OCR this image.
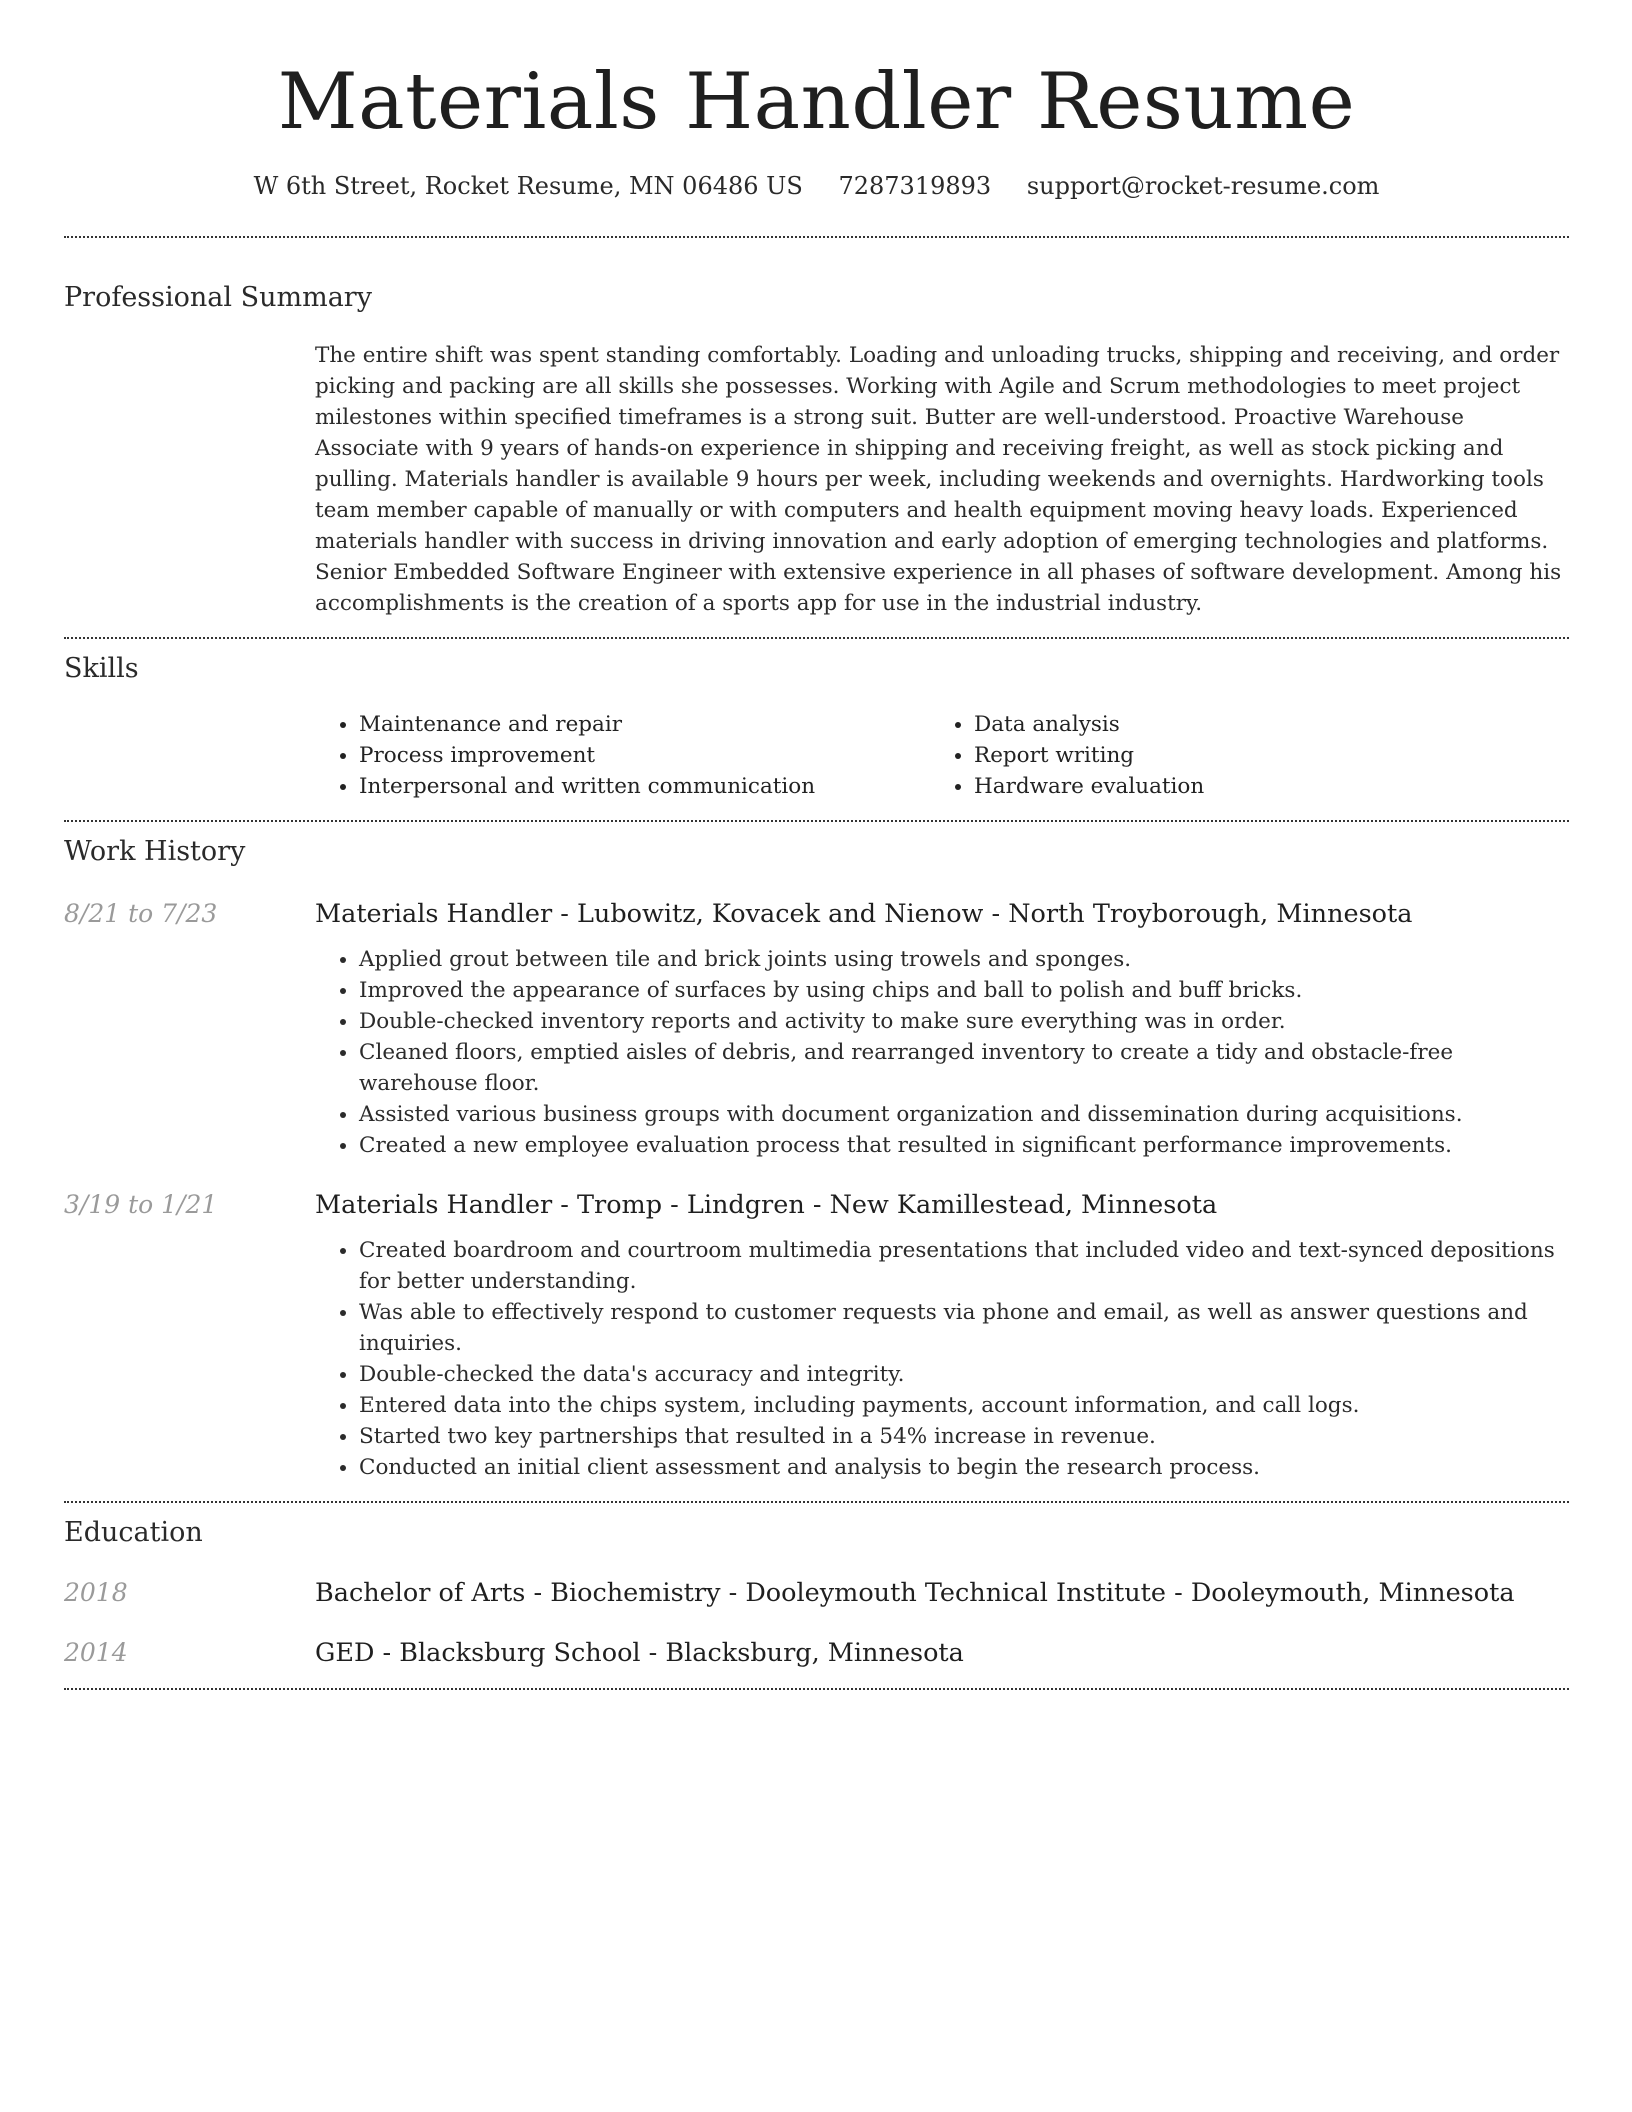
Materials Handler Resume
W 6th Street, Rocket Resume, MN 06486 US 7287319893 support@rocket-resume.com
Professional Summary

The entire shift was spent standing comfortably. Loading and unloading trucks, shipping and receiving, and order picking and packing are all skills she possesses. Working with Agile and Scrum methodologies to meet project milestones within specified timeframes is a strong suit. Butter are well-understood. Proactive Warehouse Associate with 9 years of hands-on experience in shipping and receiving freight, as well as stock picking and pulling. Materials handler is available 9 hours per week, including weekends and overnights. Hardworking tools team member capable of manually or with computers and health equipment moving heavy loads. Experienced materials handler with success in driving innovation and early adoption of emerging technologies and platforms. Senior Embedded Software Engineer with extensive experience in all phases of software development. Among his accomplishments is the creation of a sports app for use in the industrial industry.

Skills
• Maintenance and repair
• Process improvement
• Interpersonal and written communication
• Data analysis
• Report writing
• Hardware evaluation
Work History
8/21 to 7/23	Materials Handler - Lubowitz, Kovacek and Nienow - North Troyborough, Minnesota
• Applied grout between tile and brick joints using trowels and sponges.
• Improved the appearance of surfaces by using chips and ball to polish and buff bricks.
• Double-checked inventory reports and activity to make sure everything was in order.
• Cleaned floors, emptied aisles of debris, and rearranged inventory to create a tidy and obstacle-free warehouse floor.
• Assisted various business groups with document organization and dissemination during acquisitions.
• Created a new employee evaluation process that resulted in significant performance improvements.
3/19 to 1/21	Materials Handler - Tromp - Lindgren - New Kamillestead, Minnesota
• Created boardroom and courtroom multimedia presentations that included video and text-synced depositions for better understanding.
• Was able to effectively respond to customer requests via phone and email, as well as answer questions and inquiries.
• Double-checked the data's accuracy and integrity.
• Entered data into the chips system, including payments, account information, and call logs.
• Started two key partnerships that resulted in a 54% increase in revenue.
• Conducted an initial client assessment and analysis to begin the research process.
Education
2018	Bachelor of Arts - Biochemistry - Dooleymouth Technical Institute - Dooleymouth, Minnesota
2014	GED - Blacksburg School - Blacksburg, Minnesota
